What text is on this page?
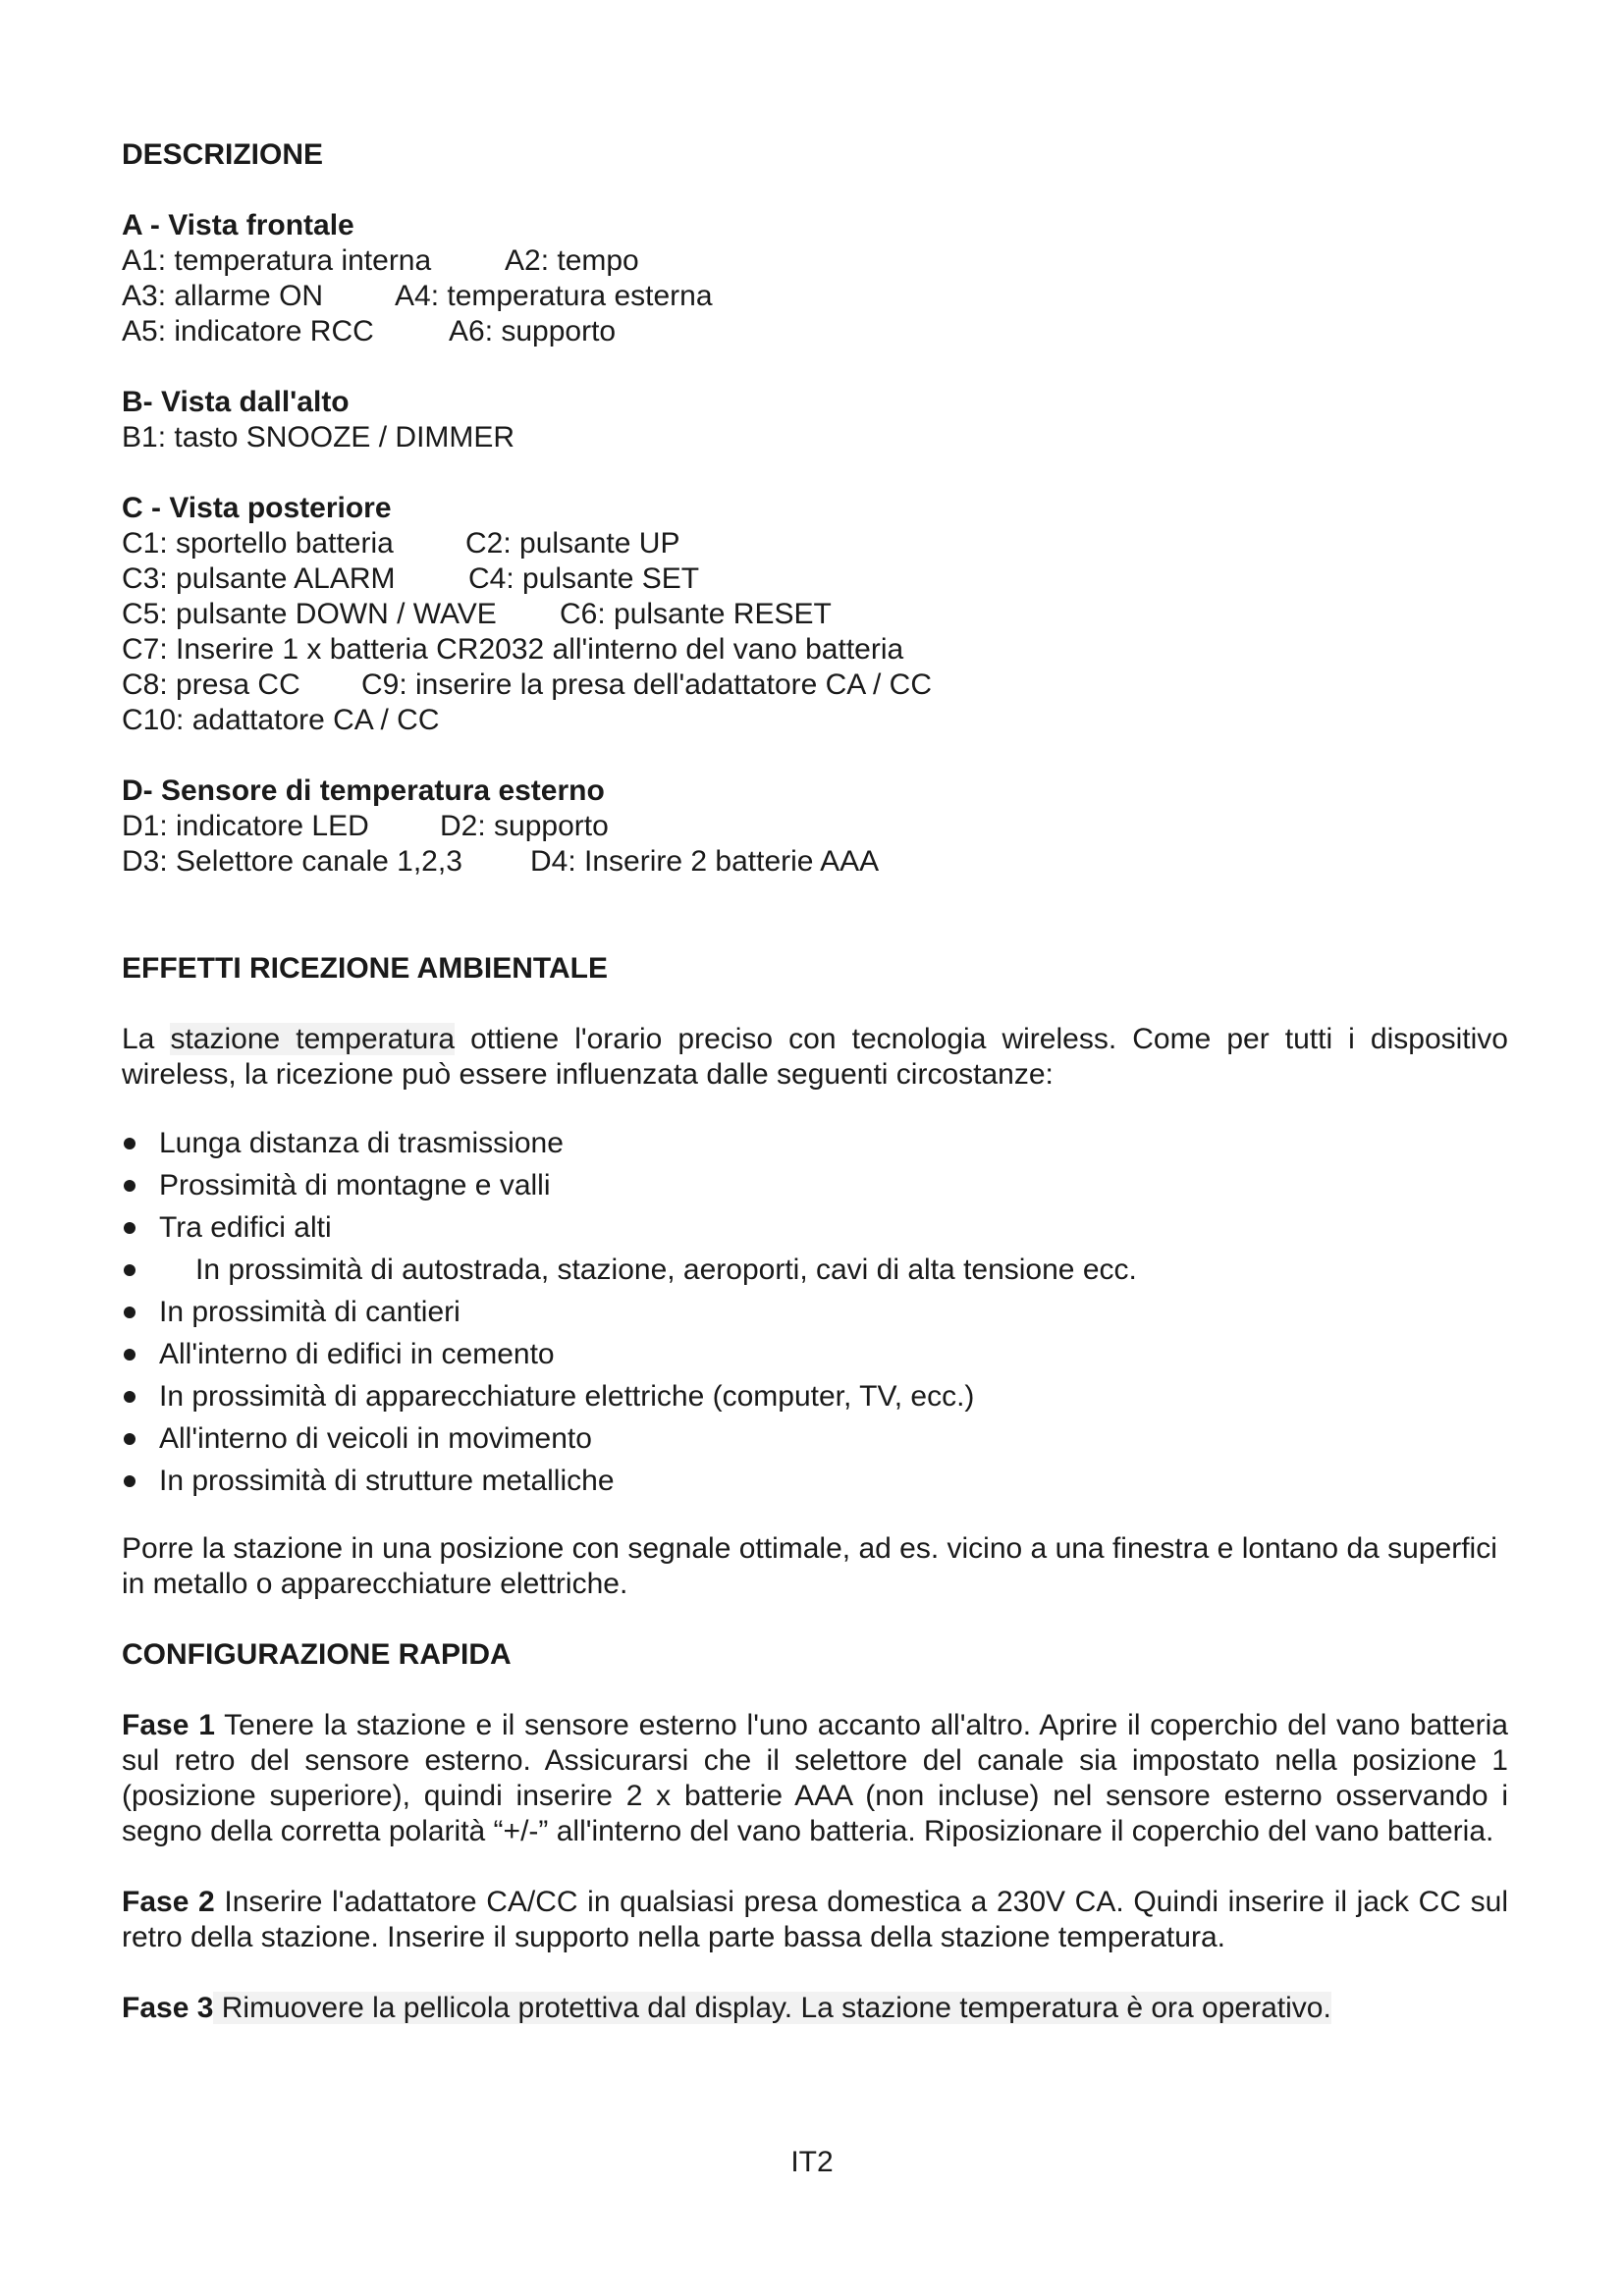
DESCRIZIONE
A - Vista frontale
A1: temperatura interna	A2: tempo
A3: allarme ON	A4: temperatura esterna
A5: indicatore RCC	A6: supporto
B- Vista dall'alto
B1: tasto SNOOZE / DIMMER
C - Vista posteriore
C1: sportello batteria	C2: pulsante UP
C3: pulsante ALARM	C4: pulsante SET
C5: pulsante DOWN / WAVE	C6: pulsante RESET
C7: Inserire 1 x batteria CR2032 all'interno del vano batteria
C8: presa CC	C9: inserire la presa dell'adattatore CA / CC
C10: adattatore CA / CC
D- Sensore di temperatura esterno
D1: indicatore LED	D2: supporto
D3: Selettore canale 1,2,3	D4: Inserire 2 batterie AAA
EFFETTI RICEZIONE AMBIENTALE

La stazione temperatura ottiene l'orario preciso con tecnologia wireless. Come per tutti i dispositivo wireless, la ricezione può essere influenzata dalle seguenti circostanze:

Lunga distanza di trasmissione
Prossimità di montagne e valli
Tra edifici alti
In prossimità di autostrada, stazione, aeroporti, cavi di alta tensione ecc.
In prossimità di cantieri
All'interno di edifici in cemento
In prossimità di apparecchiature elettriche (computer, TV, ecc.)
All'interno di veicoli in movimento
In prossimità di strutture metalliche

Porre la stazione in una posizione con segnale ottimale, ad es. vicino a una finestra e lontano da superfici in metallo o apparecchiature elettriche.

CONFIGURAZIONE RAPIDA

Fase 1 Tenere la stazione e il sensore esterno l'uno accanto all'altro. Aprire il coperchio del vano batteria sul retro del sensore esterno. Assicurarsi che il selettore del canale sia impostato nella posizione 1 (posizione superiore), quindi inserire 2 x batterie AAA (non incluse) nel sensore esterno osservando i segno della corretta polarità “+/-” all'interno del vano batteria. Riposizionare il coperchio del vano batteria.

Fase 2 Inserire l'adattatore CA/CC in qualsiasi presa domestica a 230V CA. Quindi inserire il jack CC sul retro della stazione. Inserire il supporto nella parte bassa della stazione temperatura.

Fase 3 Rimuovere la pellicola protettiva dal display. La stazione temperatura è ora operativo.

IT2
